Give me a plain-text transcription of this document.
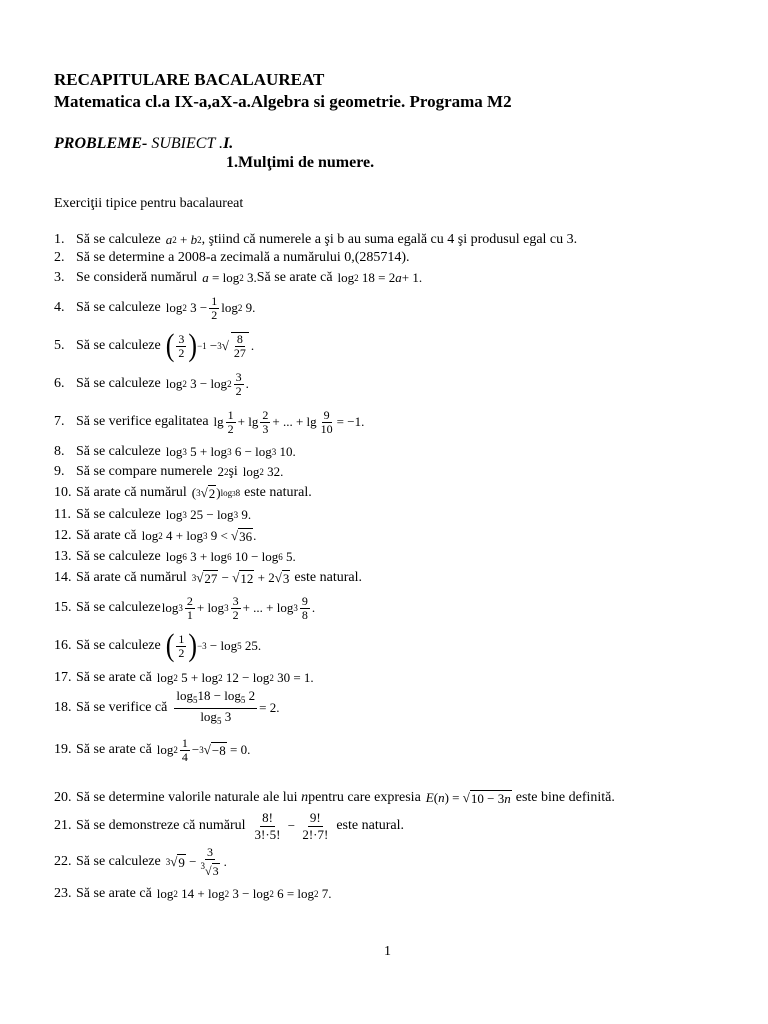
RECAPITULARE BACALAUREAT
Matematica cl.a IX-a,aX-a.Algebra si geometrie. Programa M2
PROBLEME- SUBIECT .I.
1.Mulţimi de numere.
Exerciţii tipice pentru bacalaureat
1. Să se calculeze a 2 + b 2 , ştiind că numerele a şi b au suma egală cu 4 şi produsul egal cu 3.
2. Să se determine a 2008-a zecimală a numărului 0,(285714).
3. Se consideră numărul a = log 2 3. Să se arate că log 2 18 = 2 a + 1.
4. Să se calculeze log 2 $3 - \frac{1}{2}$ log 2 9.
5. Să se calculeze ( $\frac{3}{2}$ ) −1 − 3 √ $\frac{8}{27}$ .
6. Să se calculeze log 2 $3 - \log 2 \frac{3}{2}$ .
7. Să se verifice egalitatea $\lg \frac{1}{2} + \lg \frac{2}{3}$ + ... + $\lg \frac{9}{10} = -1$.
8. Să se calculeze log 3 5 + log 3 6 − log 3 10.
9. Să se compare numerele 2 2 şi log 2 32.
10. Să arate că numărul ( 3 √ 2 ) log38 este natural.
11. Să se calculeze log 3 25 − log 3 9.
12. Să arate că log 2 4 + log 3 9 < √ 36 .
13. Să se calculeze log 6 3 + log 6 10 − log 6 5.
14. Să arate că numărul 3 √ 27 − √ 12 + 2√ 3 este natural.
15. Să se calculeze $\log 3 \frac{2}{1} + \log 3 \frac{3}{2}$ + ... + $\log 3 \frac{9}{8}$ .
16. Să se calculeze ( $\frac{1}{2}$ ) −3 − log 5 25.
17. Să se arate că log 2 5 + log 2 12 − log 2 30 = 1.
18. Să se verifice că $\frac{\log_518 - \log_5 2}{\log_5 3} = 2$.
19. Să se arate că $\log 2 \frac{1}{4} - 3$ √ −8 = 0.
20. Să se determine valorile naturale ale lui
n pentru care expresia E ( n ) = √ 10 − 3n este bine definită.
21. Să se demonstreze că numărul $\frac{8!}{3!\cdot 5!} - \frac{9!}{2!\cdot 7!}$ este natural.
22. Să se calculeze 3 √ $9 - \frac{3}{^3√3}$ .
23. Să se arate că log 2 14 + log 2 3 − log 2 6 = log 2 7.
1
